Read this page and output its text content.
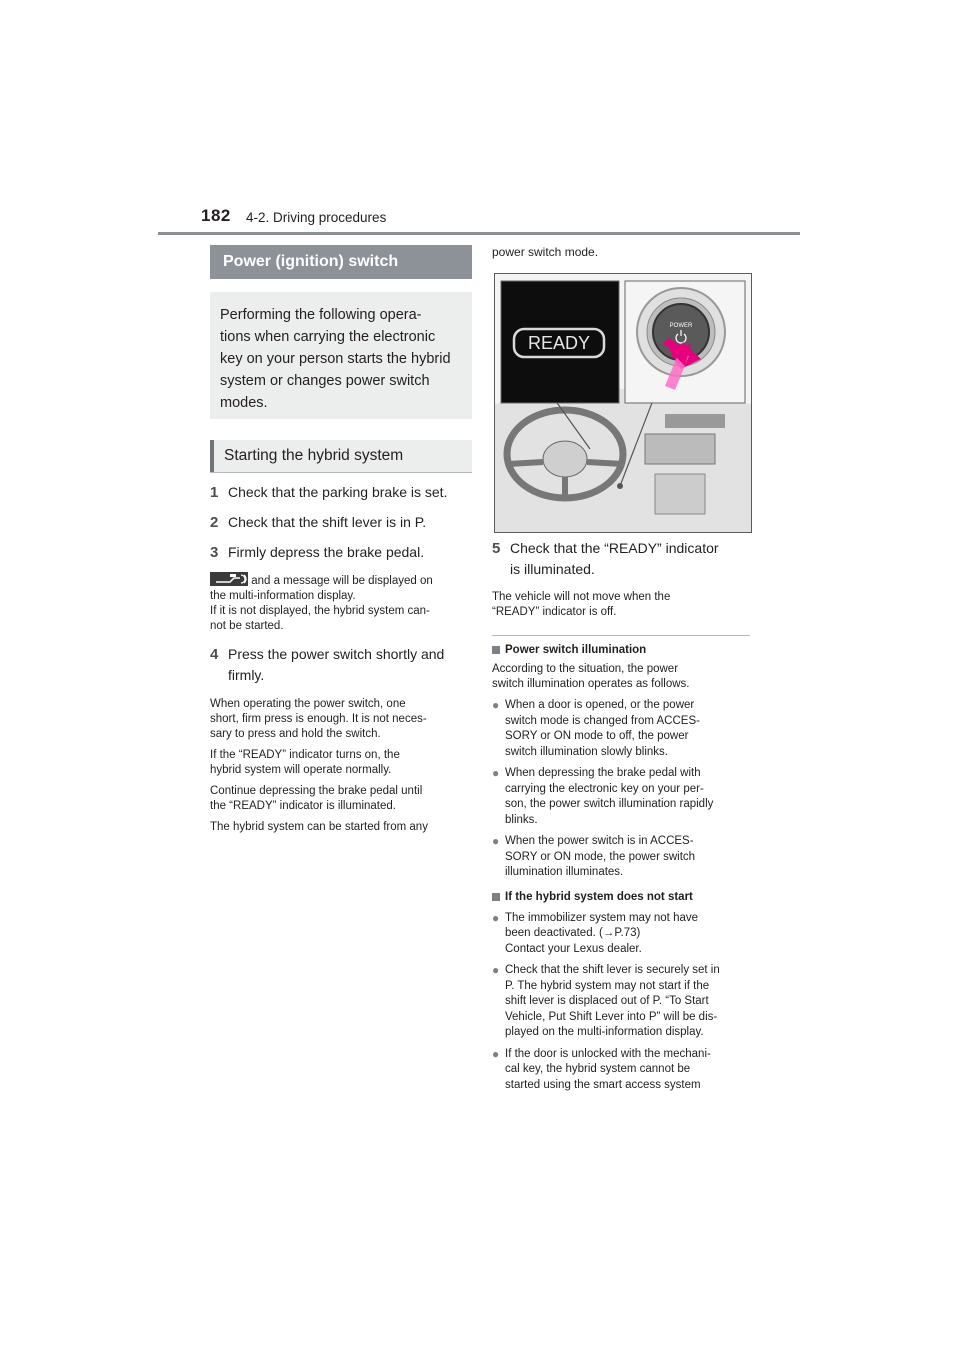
182 4-2. Driving procedures
Power (ignition) switch
Performing the following opera-
tions when carrying the electronic
key on your person starts the hybrid
system or changes power switch
modes.
Starting the hybrid system
1 Check that the parking brake is set.
2 Check that the shift lever is in P.
3 Firmly depress the brake pedal.
and a message will be displayed on
the multi-information display.
If it is not displayed, the hybrid system can-
not be started.
4 Press the power switch shortly and
firmly.
When operating the power switch, one
short, firm press is enough. It is not neces-
sary to press and hold the switch.
If the “READY” indicator turns on, the
hybrid system will operate normally.
Continue depressing the brake pedal until
the “READY” indicator is illuminated.
The hybrid system can be started from any
power switch mode.
READY
POWER
5 Check that the “READY” indicator
is illuminated.
The vehicle will not move when the
“READY” indicator is off.
Power switch illumination
According to the situation, the power
switch illumination operates as follows.
● When a door is opened, or the power
switch mode is changed from ACCES-
SORY or ON mode to off, the power
switch illumination slowly blinks.
● When depressing the brake pedal with
carrying the electronic key on your per-
son, the power switch illumination rapidly
blinks.
● When the power switch is in ACCES-
SORY or ON mode, the power switch
illumination illuminates.
If the hybrid system does not start
● The immobilizer system may not have
been deactivated. (→P.73)
Contact your Lexus dealer.
● Check that the shift lever is securely set in
P. The hybrid system may not start if the
shift lever is displaced out of P. “To Start
Vehicle, Put Shift Lever into P” will be dis-
played on the multi-information display.
● If the door is unlocked with the mechani-
cal key, the hybrid system cannot be
started using the smart access system
